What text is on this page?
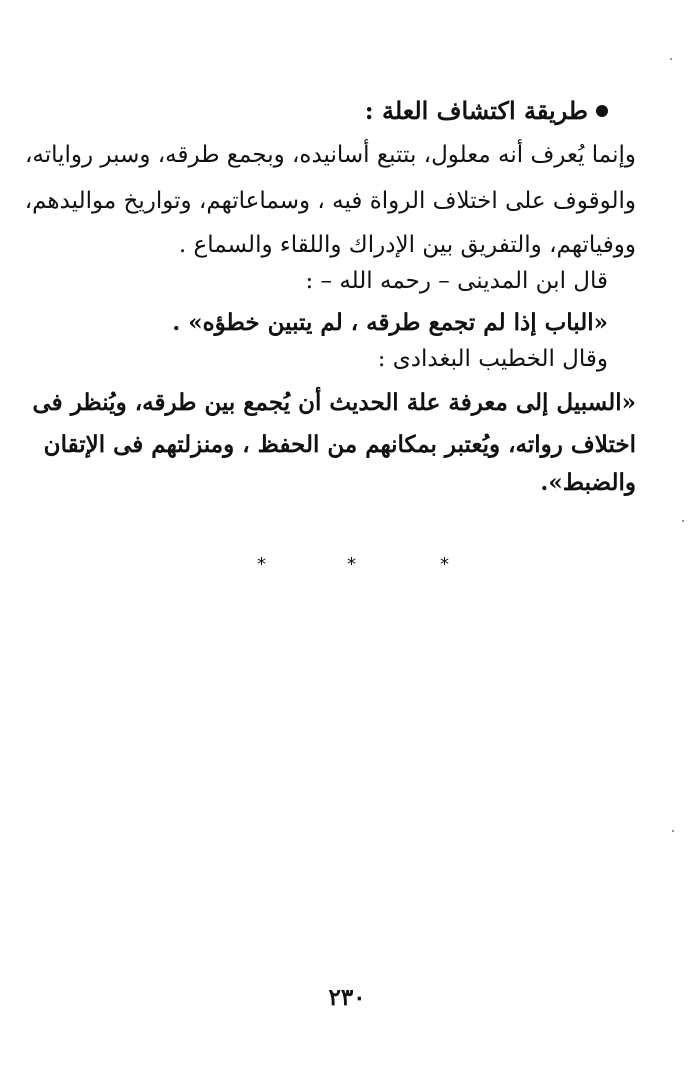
طريقة اكتشاف العلة :
وإنما يُعرف أنه معلول، بتتبع أسانيده، وبجمع طرقه، وسبر رواياته،
والوقوف على اختلاف الرواة فيه ، وسماعاتهم، وتواريخ مواليدهم،
ووفياتهم، والتفريق بين الإدراك واللقاء والسماع .
قال ابن المدينى – رحمه الله – :
«الباب إذا لم تجمع طرقه ، لم يتبين خطؤه» .
وقال الخطيب البغدادى :
«السبيل إلى معرفة علة الحديث أن يُجمع بين طرقه، ويُنظر فى
اختلاف رواته، ويُعتبر بمكانهم من الحفظ ، ومنزلتهم فى الإتقان
والضبط».
*
*
*
٢٣٠
